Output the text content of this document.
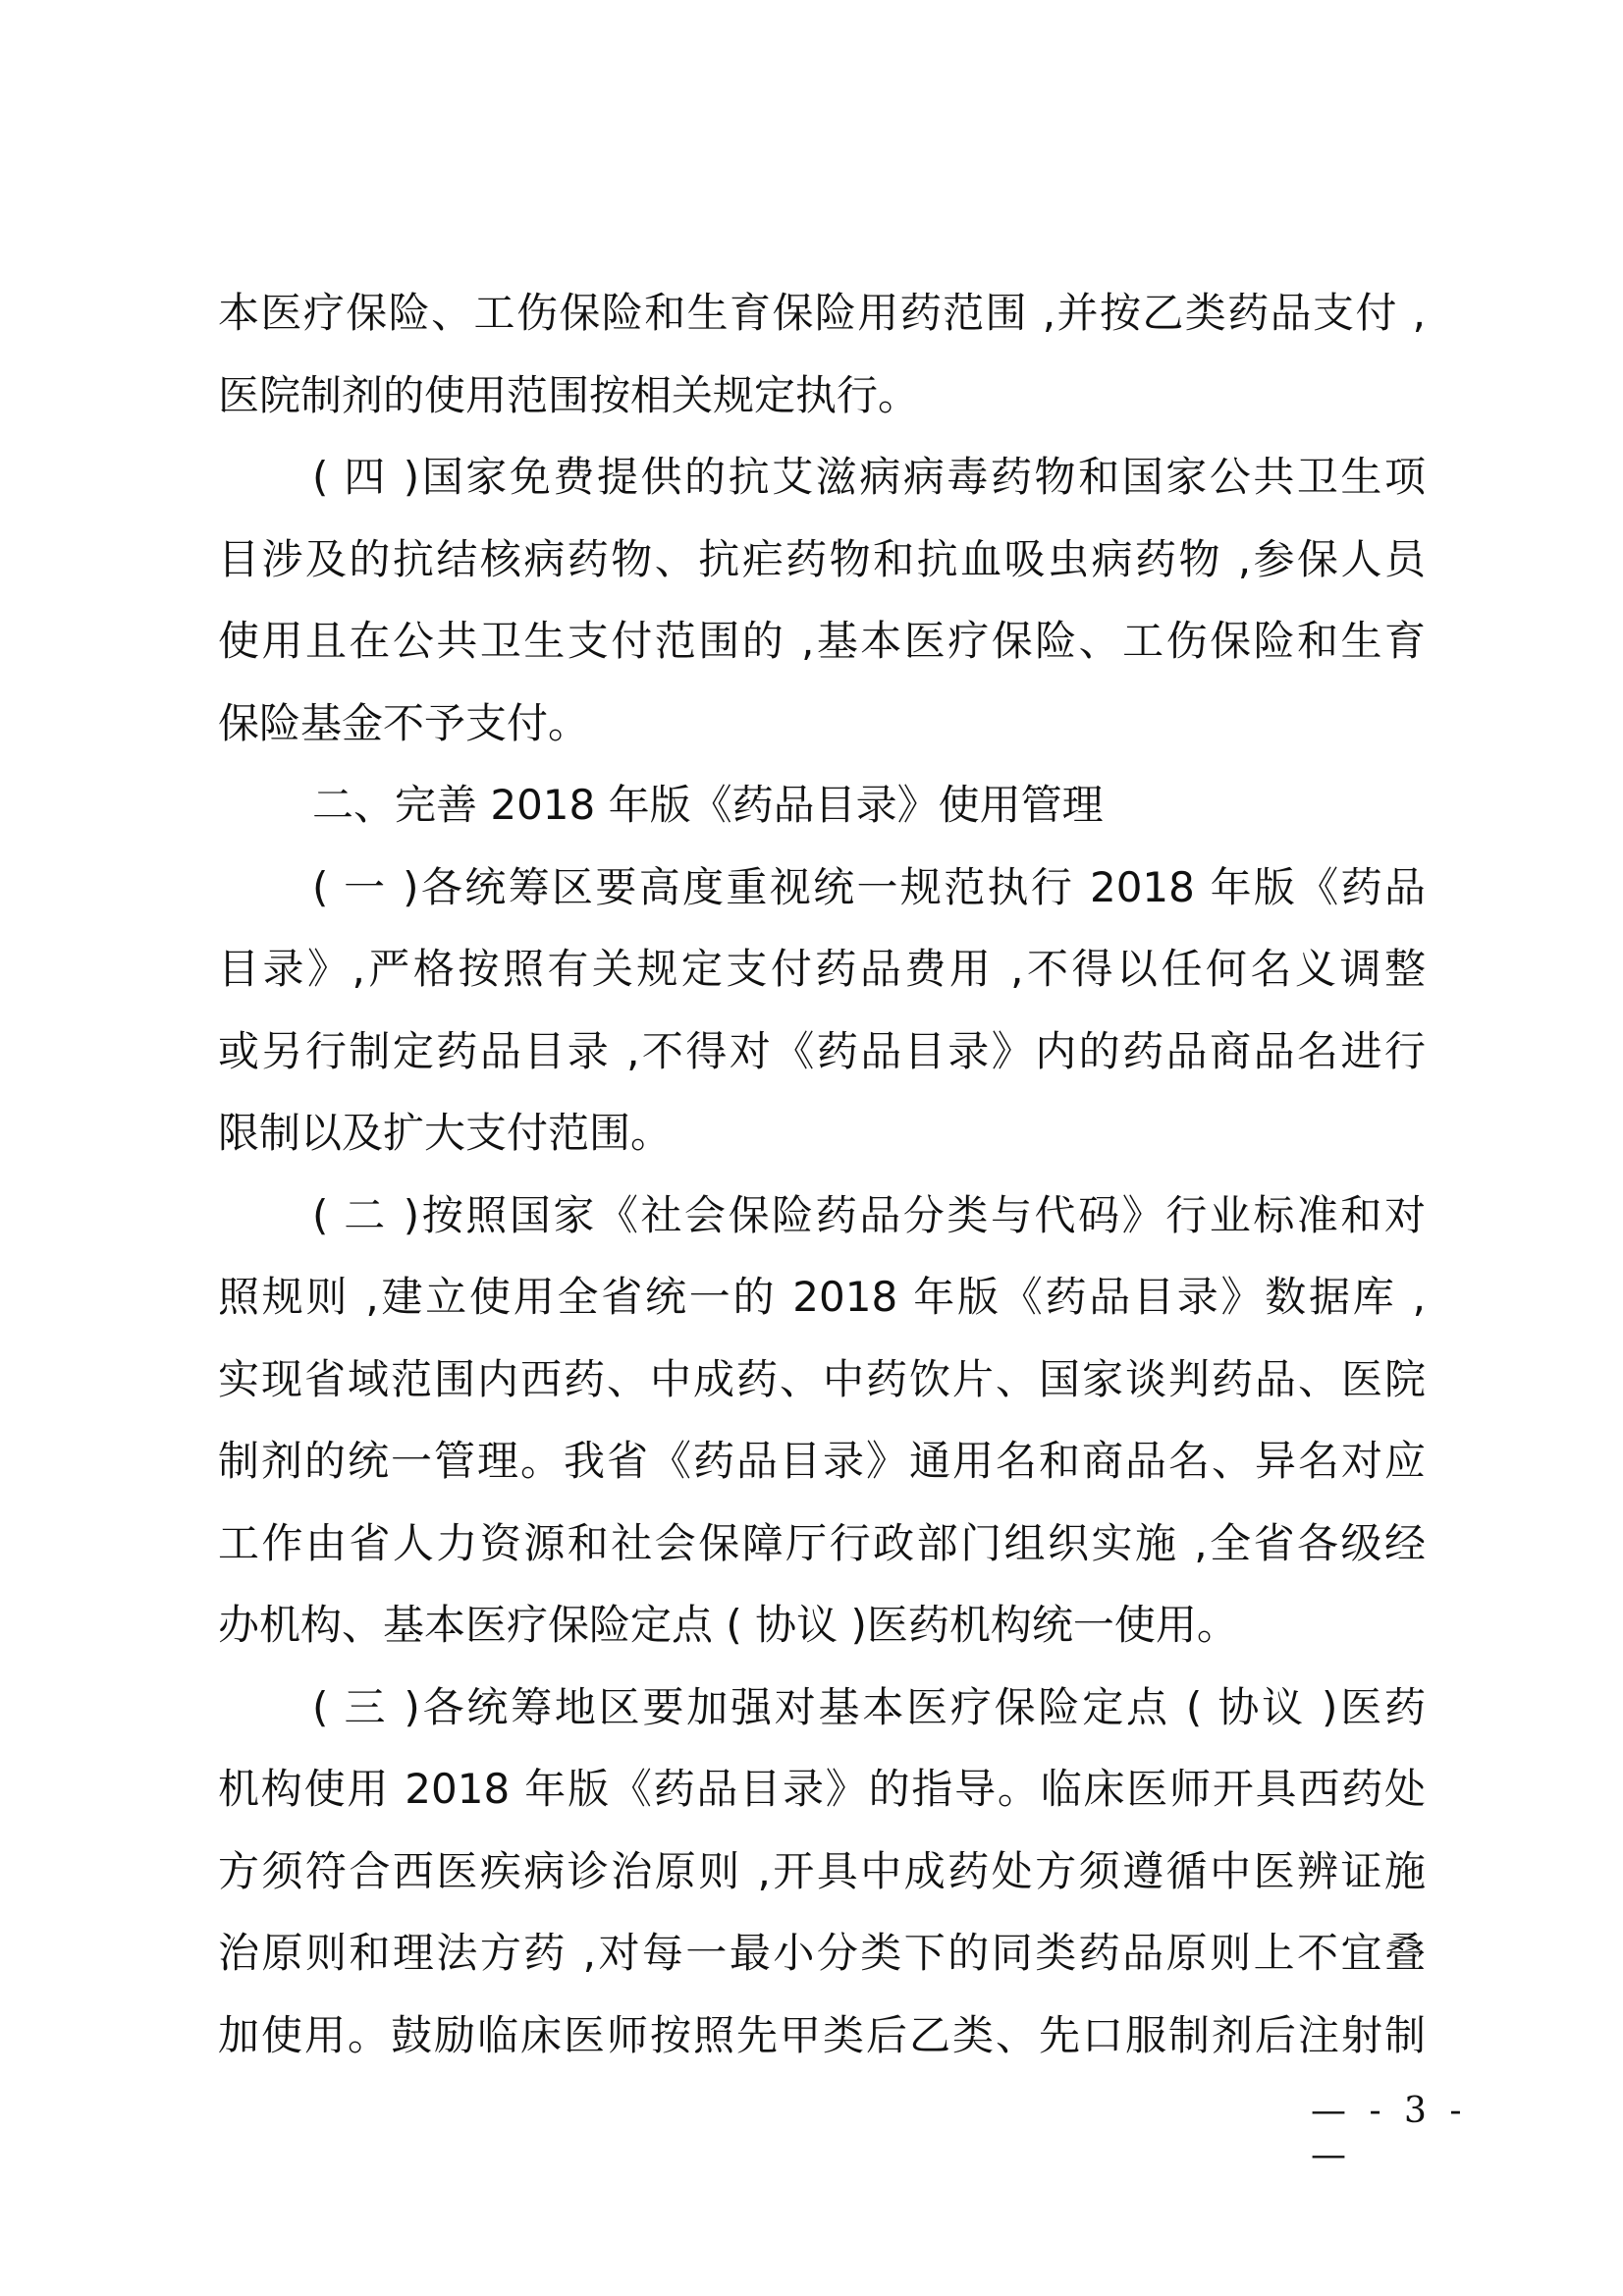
本医疗保险、工伤保险和生育保险用药范围 ,并按乙类药品支付 ,
医院制剂的使用范围按相关规定执行。
( 四 )国家免费提供的抗艾滋病病毒药物和国家公共卫生项
目涉及的抗结核病药物、抗疟药物和抗血吸虫病药物 ,参保人员
使用且在公共卫生支付范围的 ,基本医疗保险、工伤保险和生育
保险基金不予支付。
二、完善 2018 年版《药品目录》使用管理
( 一 )各统筹区要高度重视统一规范执行 2018 年版《药品
目录》,严格按照有关规定支付药品费用 ,不得以任何名义调整
或另行制定药品目录 ,不得对《药品目录》内的药品商品名进行
限制以及扩大支付范围。
( 二 )按照国家《社会保险药品分类与代码》行业标准和对
照规则 ,建立使用全省统一的 2018 年版《药品目录》数据库 ,
实现省域范围内西药、中成药、中药饮片、国家谈判药品、医院
制剂的统一管理。我省《药品目录》通用名和商品名、异名对应
工作由省人力资源和社会保障厅行政部门组织实施 ,全省各级经
办机构、基本医疗保险定点 ( 协议 )医药机构统一使用。
( 三 )各统筹地区要加强对基本医疗保险定点 ( 协议 )医药
机构使用 2018 年版《药品目录》的指导。临床医师开具西药处
方须符合西医疾病诊治原则 ,开具中成药处方须遵循中医辨证施
治原则和理法方药 ,对每一最小分类下的同类药品原则上不宜叠
加使用。鼓励临床医师按照先甲类后乙类、先口服制剂后注射制
— - 3 -
—
